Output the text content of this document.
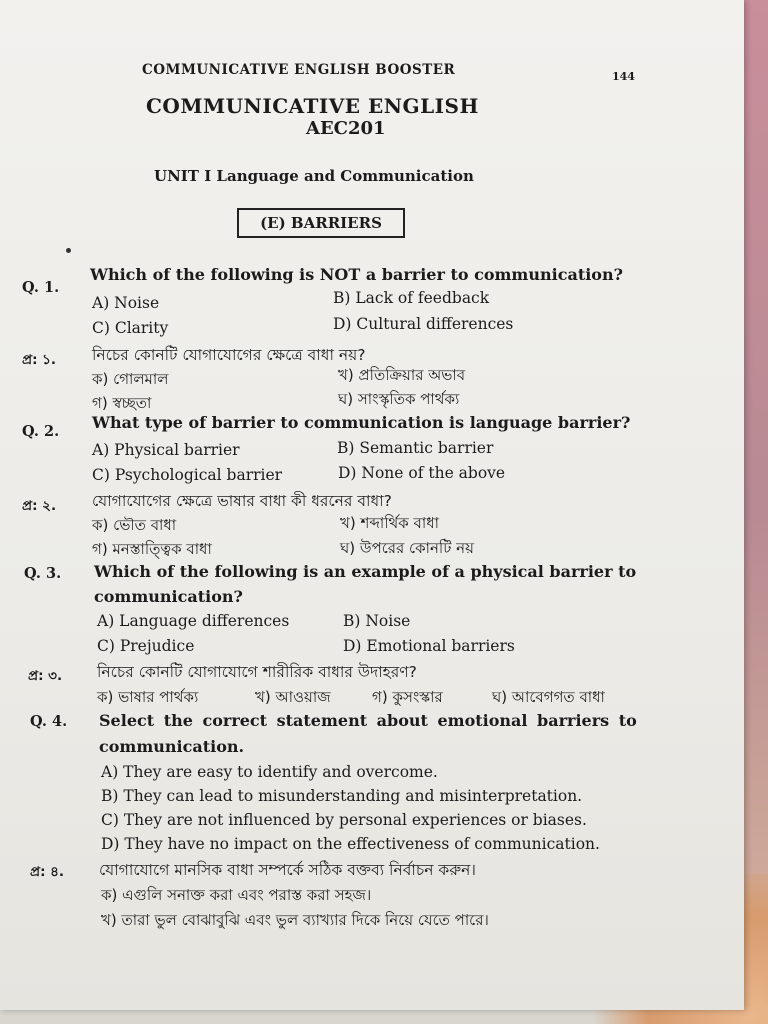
COMMUNICATIVE ENGLISH BOOSTER	144
COMMUNICATIVE ENGLISH
AEC201
UNIT I Language and Communication
(E) BARRIERS
Q. 1.
Which of the following is NOT a barrier to communication?
A) Noise	B) Lack of feedback
C) Clarity	D) Cultural differences
প্র: ১. নিচের কোনটি যোগাযোগের ক্ষেত্রে বাধা নয়?
ক) গোলমাল	খ) প্রতিক্রিয়ার অভাব
গ) স্বচ্ছতা	ঘ) সাংস্কৃতিক পার্থক্য
Q. 2. What type of barrier to communication is language barrier?
A) Physical barrier	B) Semantic barrier
C) Psychological barrier	D) None of the above
প্র: ২. যোগাযোগের ক্ষেত্রে ভাষার বাধা কী ধরনের বাধা?
ক) ভৌত বাধা	খ) শব্দার্থিক বাধা
গ) মনস্তাত্ত্বিক বাধা	ঘ) উপরের কোনটি নয়
Q. 3. Which of the following is an example of a physical barrier to
communication?
A) Language differences	B) Noise
C) Prejudice	D) Emotional barriers
প্র: ৩. নিচের কোনটি যোগাযোগে শারীরিক বাধার উদাহরণ?
ক) ভাষার পার্থক্য	খ) আওয়াজ	গ) কুসংস্কার	ঘ) আবেগগত বাধা
Q. 4. Select the correct statement about emotional barriers to
communication.
A) They are easy to identify and overcome.
B) They can lead to misunderstanding and misinterpretation.
C) They are not influenced by personal experiences or biases.
D) They have no impact on the effectiveness of communication.
প্র: ৪. যোগাযোগে মানসিক বাধা সম্পর্কে সঠিক বক্তব্য নির্বাচন করুন।
ক) এগুলি সনাক্ত করা এবং পরাস্ত করা সহজ।
খ) তারা ভুল বোঝাবুঝি এবং ভুল ব্যাখ্যার দিকে নিয়ে যেতে পারে।
